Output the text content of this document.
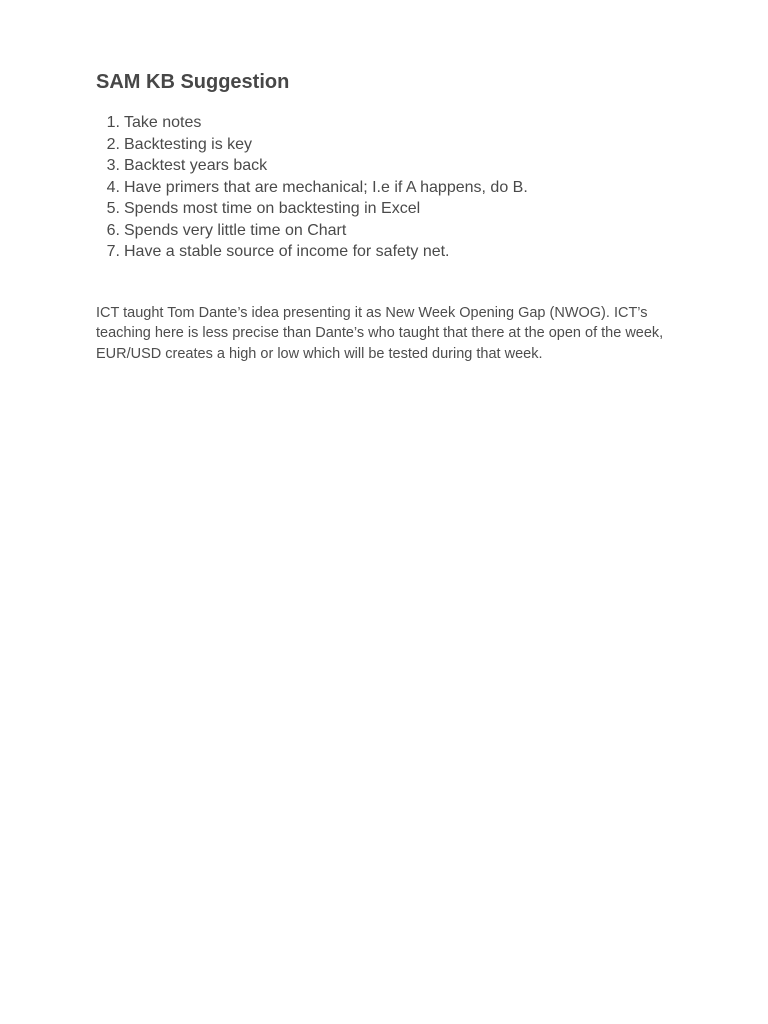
SAM KB Suggestion
1. Take notes
2. Backtesting is key
3. Backtest years back
4. Have primers that are mechanical; I.e if A happens, do B.
5. Spends most time on backtesting in Excel
6. Spends very little time on Chart
7. Have a stable source of income for safety net.

ICT taught Tom Dante’s idea presenting it as New Week Opening Gap (NWOG). ICT’s teaching here is less precise than Dante’s who taught that there at the open of the week, EUR/USD creates a high or low which will be tested during that week.
